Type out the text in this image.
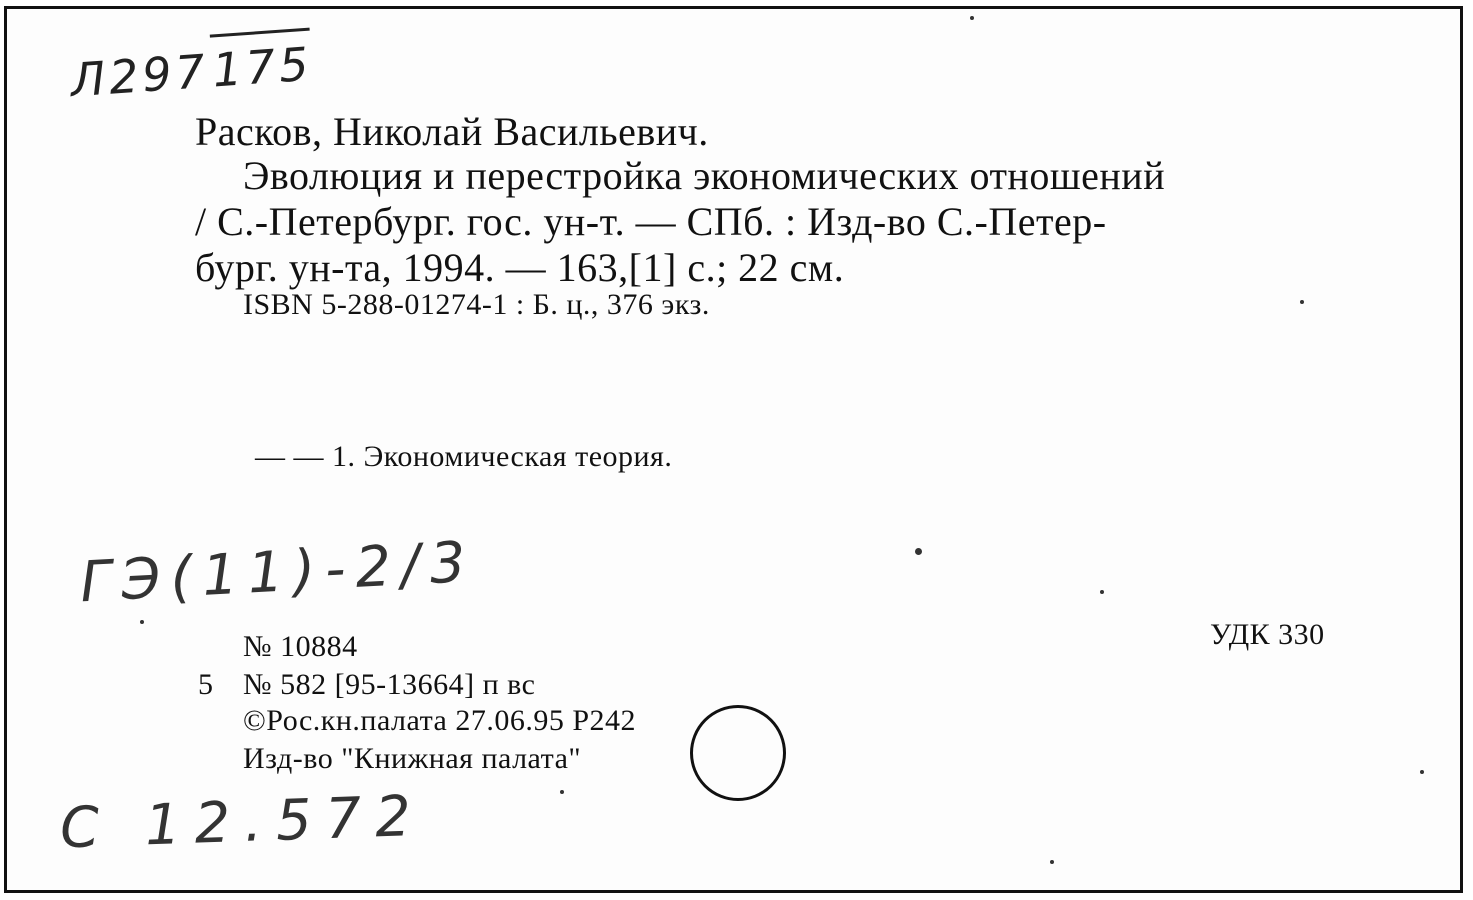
Л297175
Расков, Николай Васильевич.
Эволюция и перестройка экономических отношений
/ С.-Петербург. гос. ун-т. — СПб. : Изд-во С.-Петер-
бург. ун-та, 1994. — 163,[1] с.; 22 см.
ISBN 5-288-01274-1 : Б. ц., 376 экз.
— — 1. Экономическая теория.
ГЭ(11)-2/3
№ 10884	УДК 330
5 № 582 [95-13664] п вс
©Рос.кн.палата 27.06.95 Р242
Изд-во "Книжная палата"
С 12.572
